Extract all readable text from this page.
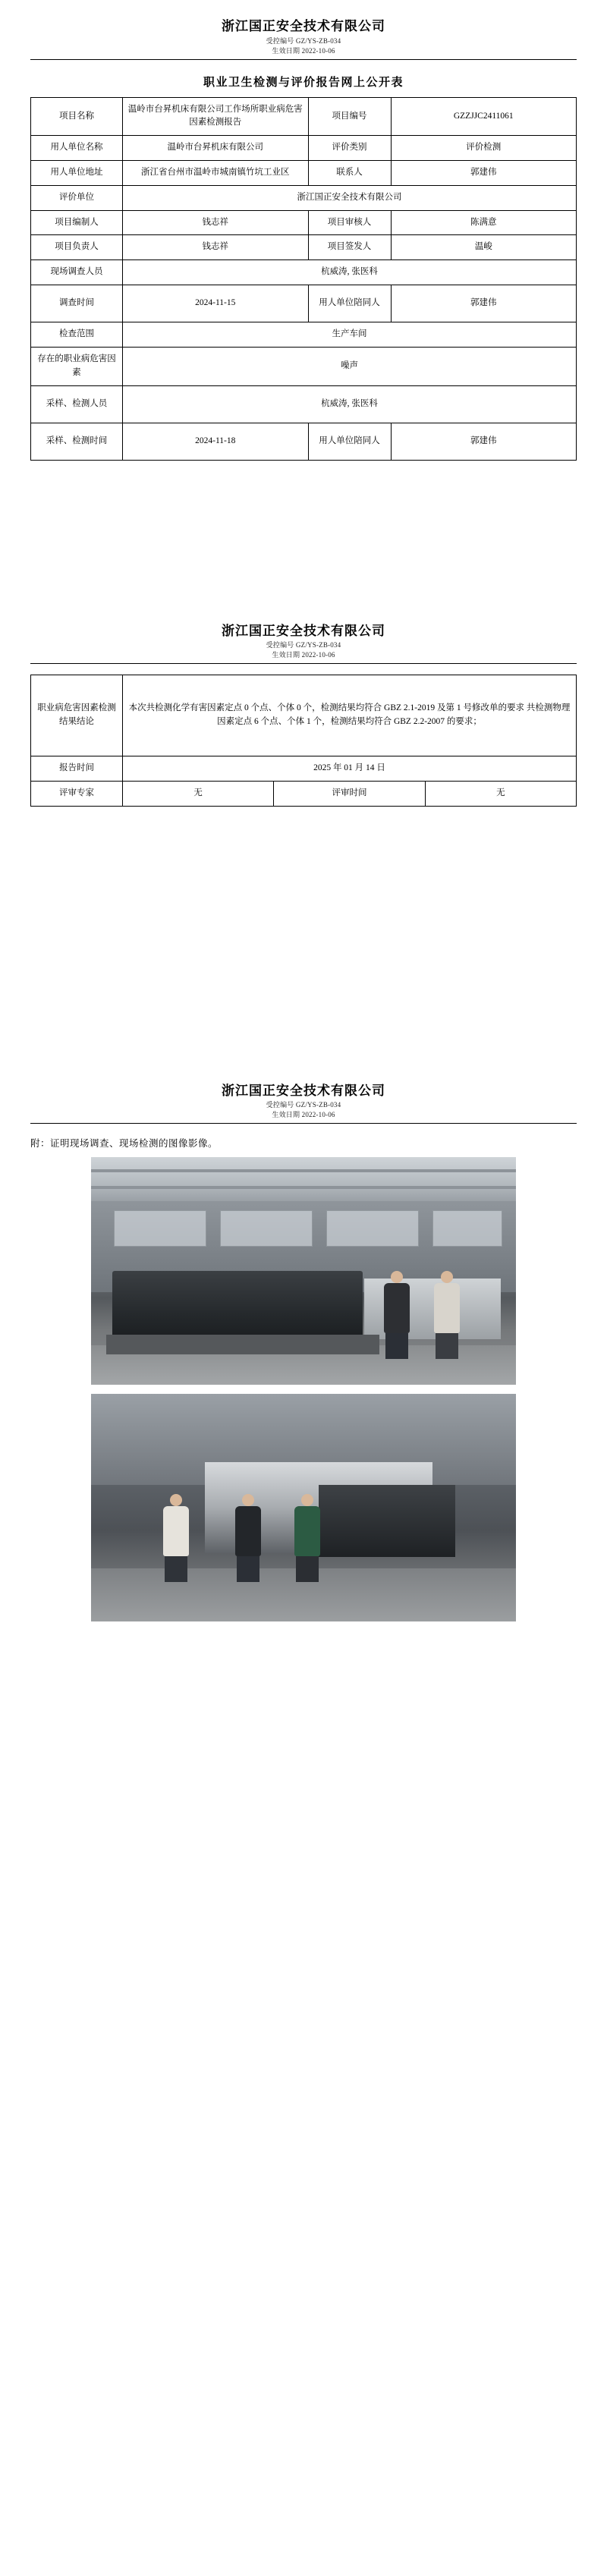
浙江国正安全技术有限公司
受控编号 GZ/YS-ZB-034
生效日期 2022-10-06
职业卫生检测与评价报告网上公开表
项目名称	温岭市台昇机床有限公司工作场所职业病危害因素检测报告	项目编号	GZZJJC2411061
用人单位名称	温岭市台昇机床有限公司	评价类别	评价检测
用人单位地址	浙江省台州市温岭市城南镇竹坑工业区	联系人	郭建伟
评价单位	浙江国正安全技术有限公司		
项目编制人	钱志祥	项目审核人	陈满意
项目负责人	钱志祥	项目签发人	温峻
现场调查人员	杭威涛, 张医科		
调查时间	2024-11-15	用人单位陪同人	郭建伟
检查范围	生产车间		
存在的职业病危害因素	噪声		
采样、检测人员	杭威涛, 张医科		
采样、检测时间	2024-11-18	用人单位陪同人	郭建伟
浙江国正安全技术有限公司
受控编号 GZ/YS-ZB-034
生效日期 2022-10-06
职业病危害因素检测结果结论	本次共检测化学有害因素定点 0 个点、个体 0 个，检测结果均符合 GBZ 2.1-2019 及第 1 号修改单的要求 共检测物理因素定点 6 个点、个体 1 个，检测结果均符合 GBZ 2.2-2007 的要求；		
报告时间	2025 年 01 月 14 日		
评审专家	无	评审时间	无
浙江国正安全技术有限公司
受控编号 GZ/YS-ZB-034
生效日期 2022-10-06
附：证明现场调查、现场检测的图像影像。
